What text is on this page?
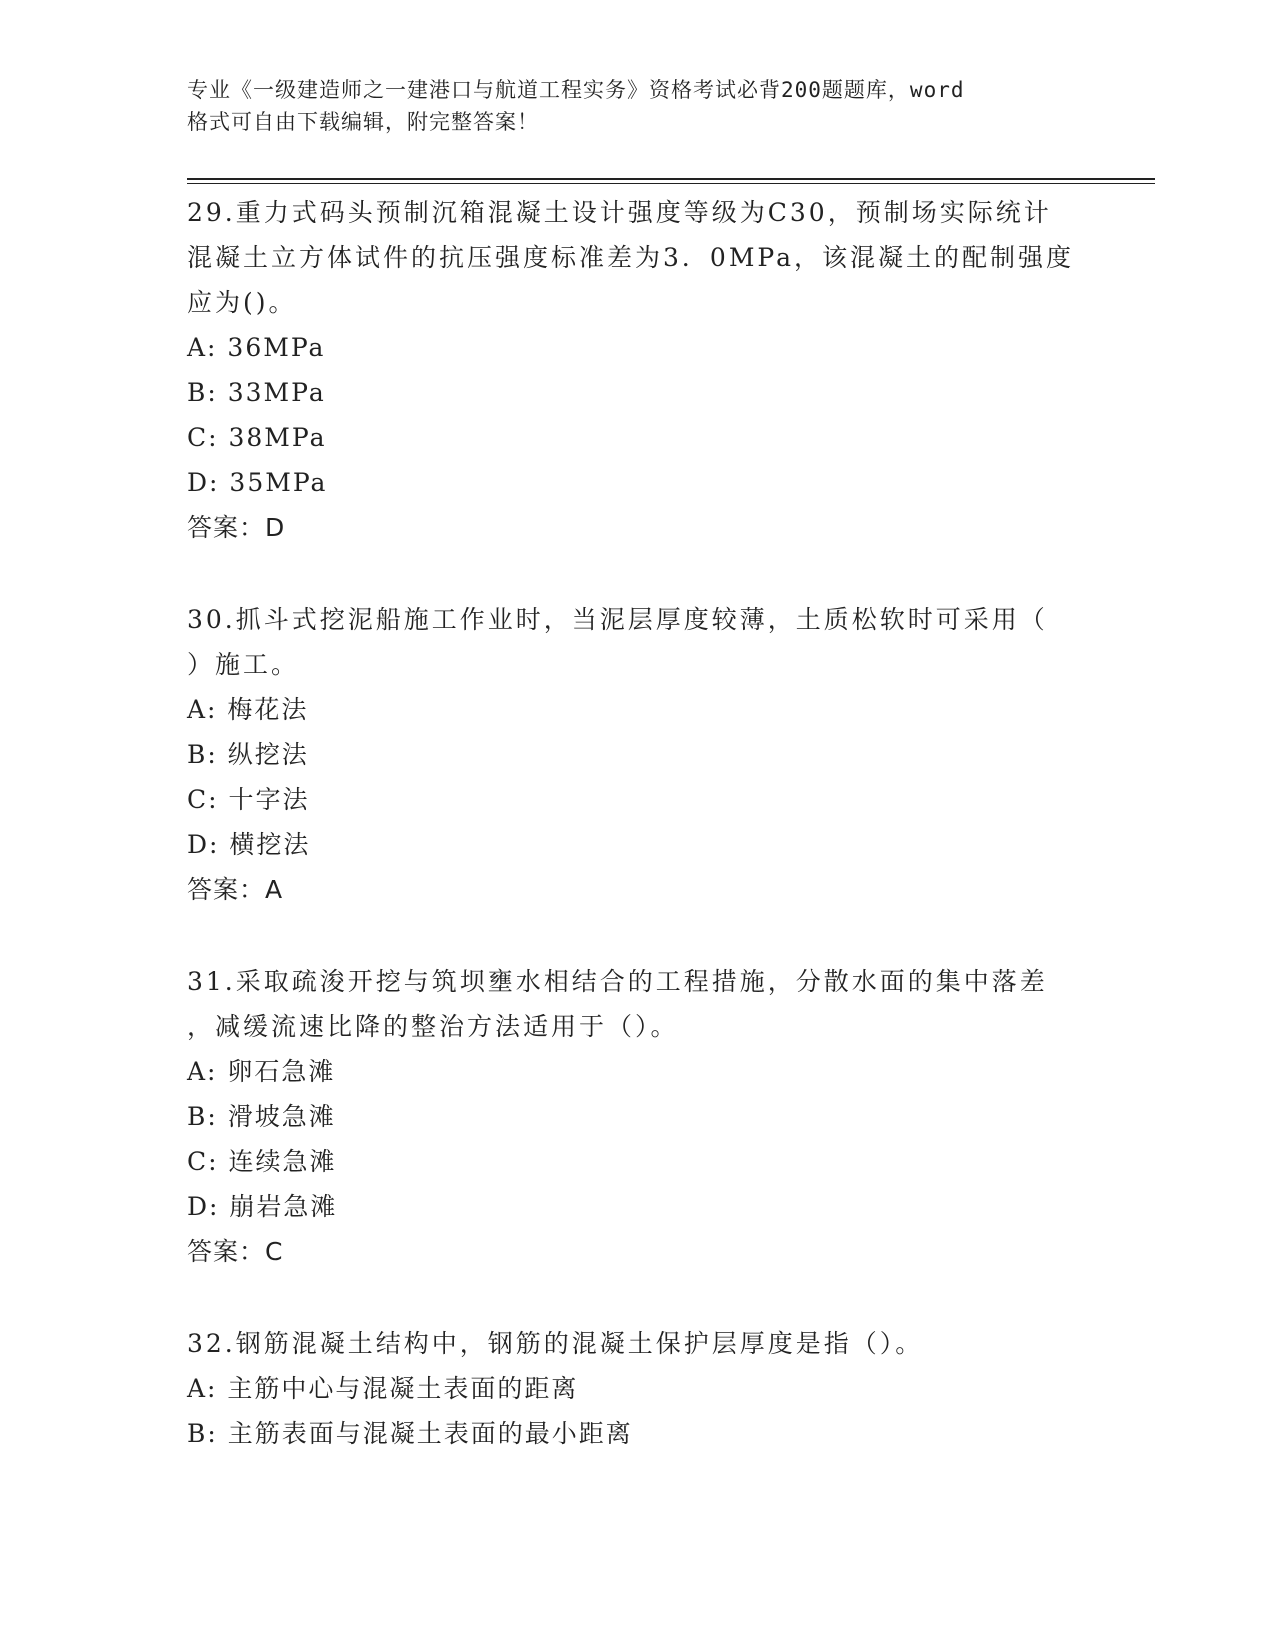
专业《一级建造师之一建港口与航道工程实务》资格考试必背200题题库，word
格式可自由下载编辑，附完整答案！

29.重力式码头预制沉箱混凝土设计强度等级为C30，预制场实际统计

混凝土立方体试件的抗压强度标准差为3．0MPa，该混凝土的配制强度

应为()。

A: 36MPa

B: 33MPa

C: 38MPa

D: 35MPa

答案：D

30.抓斗式挖泥船施工作业时，当泥层厚度较薄，土质松软时可采用（

）施工。

A: 梅花法

B: 纵挖法

C: 十字法

D: 横挖法

答案：A

31.采取疏浚开挖与筑坝壅水相结合的工程措施，分散水面的集中落差

，减缓流速比降的整治方法适用于（）。

A: 卵石急滩

B: 滑坡急滩

C: 连续急滩

D: 崩岩急滩

答案：C

32.钢筋混凝土结构中，钢筋的混凝土保护层厚度是指（）。

A: 主筋中心与混凝土表面的距离

B: 主筋表面与混凝土表面的最小距离
